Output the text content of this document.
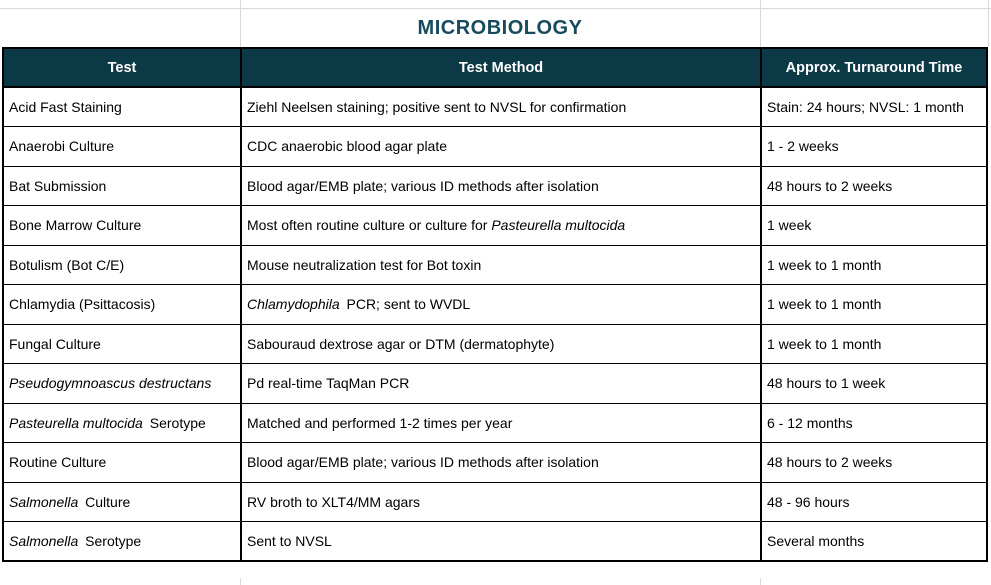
MICROBIOLOGY
Test	Test Method	Approx. Turnaround Time
Acid Fast Staining	Ziehl Neelsen staining; positive sent to NVSL for confirmation	Stain: 24 hours; NVSL: 1 month
Anaerobi Culture	CDC anaerobic blood agar plate	1 - 2 weeks
Bat Submission	Blood agar/EMB plate; various ID methods after isolation	48 hours to 2 weeks
Bone Marrow Culture	Most often routine culture or culture for Pasteurella multocida	1 week
Botulism (Bot C/E)	Mouse neutralization test for Bot toxin	1 week to 1 month
Chlamydia (Psittacosis)	Chlamydophila PCR; sent to WVDL	1 week to 1 month
Fungal Culture	Sabouraud dextrose agar or DTM (dermatophyte)	1 week to 1 month
Pseudogymnoascus destructans	Pd real-time TaqMan PCR	48 hours to 1 week
Pasteurella multocida Serotype	Matched and performed 1-2 times per year	6 - 12 months
Routine Culture	Blood agar/EMB plate; various ID methods after isolation	48 hours to 2 weeks
Salmonella Culture	RV broth to XLT4/MM agars	48 - 96 hours
Salmonella Serotype	Sent to NVSL	Several months
